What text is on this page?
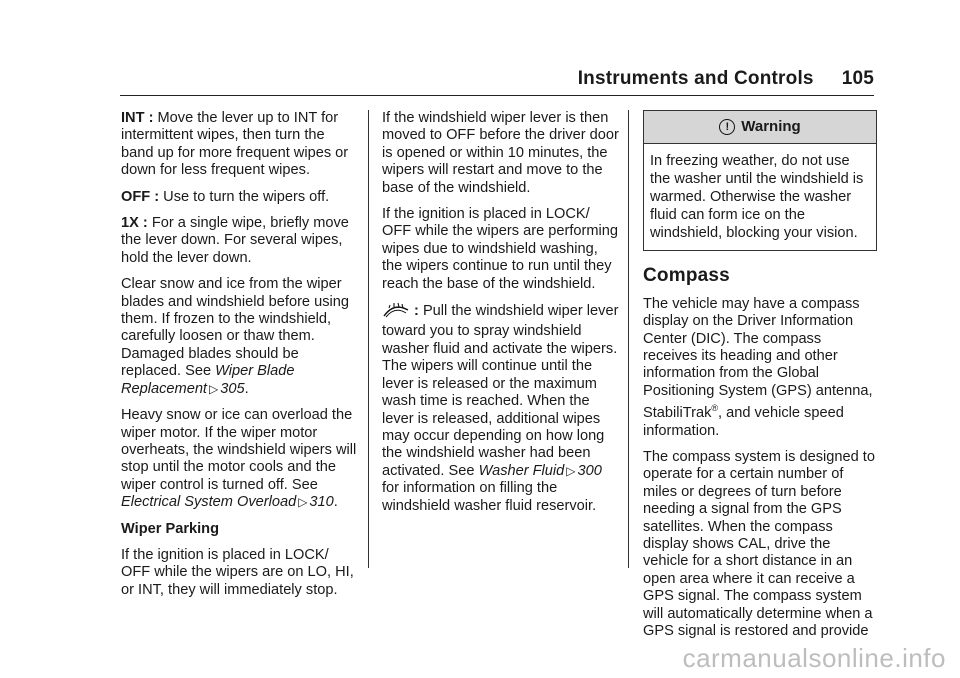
Instruments and Controls 105

INT : Move the lever up to INT for intermittent wipes, then turn the band up for more frequent wipes or down for less frequent wipes.

OFF : Use to turn the wipers off.

1X : For a single wipe, briefly move the lever down. For several wipes, hold the lever down.

Clear snow and ice from the wiper blades and windshield before using them. If frozen to the windshield, carefully loosen or thaw them. Damaged blades should be replaced. See Wiper Blade Replacement ▷ 305.

Heavy snow or ice can overload the wiper motor. If the wiper motor overheats, the windshield wipers will stop until the motor cools and the wiper control is turned off. See Electrical System Overload ▷ 310.

Wiper Parking

If the ignition is placed in LOCK/ OFF while the wipers are on LO, HI, or INT, they will immediately stop.

If the windshield wiper lever is then moved to OFF before the driver door is opened or within 10 minutes, the wipers will restart and move to the base of the windshield.

If the ignition is placed in LOCK/ OFF while the wipers are performing wipes due to windshield washing, the wipers continue to run until they reach the base of the windshield.

: Pull the windshield wiper lever toward you to spray windshield washer fluid and activate the wipers. The wipers will continue until the lever is released or the maximum wash time is reached. When the lever is released, additional wipes may occur depending on how long the windshield washer had been activated. See Washer Fluid ▷ 300 for information on filling the windshield washer fluid reservoir.

! Warning
In freezing weather, do not use the washer until the windshield is warmed. Otherwise the washer fluid can form ice on the windshield, blocking your vision.
Compass

The vehicle may have a compass display on the Driver Information Center (DIC). The compass receives its heading and other information from the Global Positioning System (GPS) antenna, StabiliTrak®, and vehicle speed information.

The compass system is designed to operate for a certain number of miles or degrees of turn before needing a signal from the GPS satellites. When the compass display shows CAL, drive the vehicle for a short distance in an open area where it can receive a GPS signal. The compass system will automatically determine when a GPS signal is restored and provide

carmanualsonline.info
